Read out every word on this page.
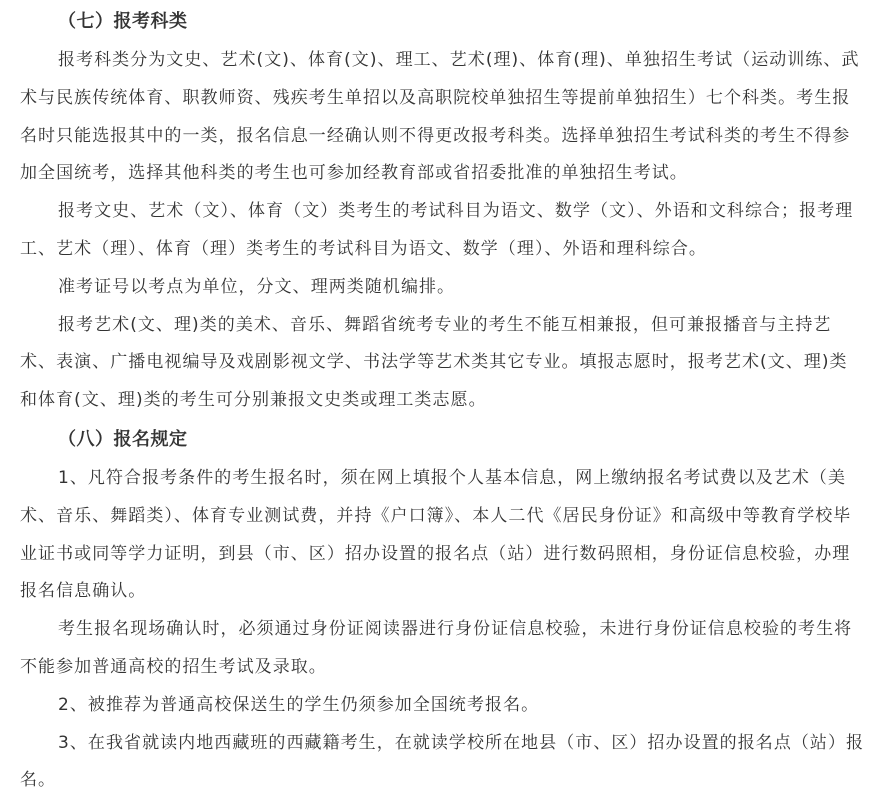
（七）报考科类

报考科类分为文史、艺术(文)、体育(文)、理工、艺术(理)、体育(理)、单独招生考试（运动训练、武术与民族传统体育、职教师资、残疾考生单招以及高职院校单独招生等提前单独招生）七个科类。考生报名时只能选报其中的一类，报名信息一经确认则不得更改报考科类。选择单独招生考试科类的考生不得参加全国统考，选择其他科类的考生也可参加经教育部或省招委批准的单独招生考试。

报考文史、艺术（文）、体育（文）类考生的考试科目为语文、数学（文）、外语和文科综合；报考理工、艺术（理）、体育（理）类考生的考试科目为语文、数学（理）、外语和理科综合。

准考证号以考点为单位，分文、理两类随机编排。

报考艺术(文、理)类的美术、音乐、舞蹈省统考专业的考生不能互相兼报，但可兼报播音与主持艺术、表演、广播电视编导及戏剧影视文学、书法学等艺术类其它专业。填报志愿时，报考艺术(文、理)类和体育(文、理)类的考生可分别兼报文史类或理工类志愿。

（八）报名规定

1、凡符合报考条件的考生报名时，须在网上填报个人基本信息，网上缴纳报名考试费以及艺术（美术、音乐、舞蹈类）、体育专业测试费，并持《户口簿》、本人二代《居民身份证》和高级中等教育学校毕业证书或同等学力证明，到县（市、区）招办设置的报名点（站）进行数码照相，身份证信息校验，办理报名信息确认。

考生报名现场确认时，必须通过身份证阅读器进行身份证信息校验，未进行身份证信息校验的考生将不能参加普通高校的招生考试及录取。

2、被推荐为普通高校保送生的学生仍须参加全国统考报名。

3、在我省就读内地西藏班的西藏籍考生，在就读学校所在地县（市、区）招办设置的报名点（站）报名。
